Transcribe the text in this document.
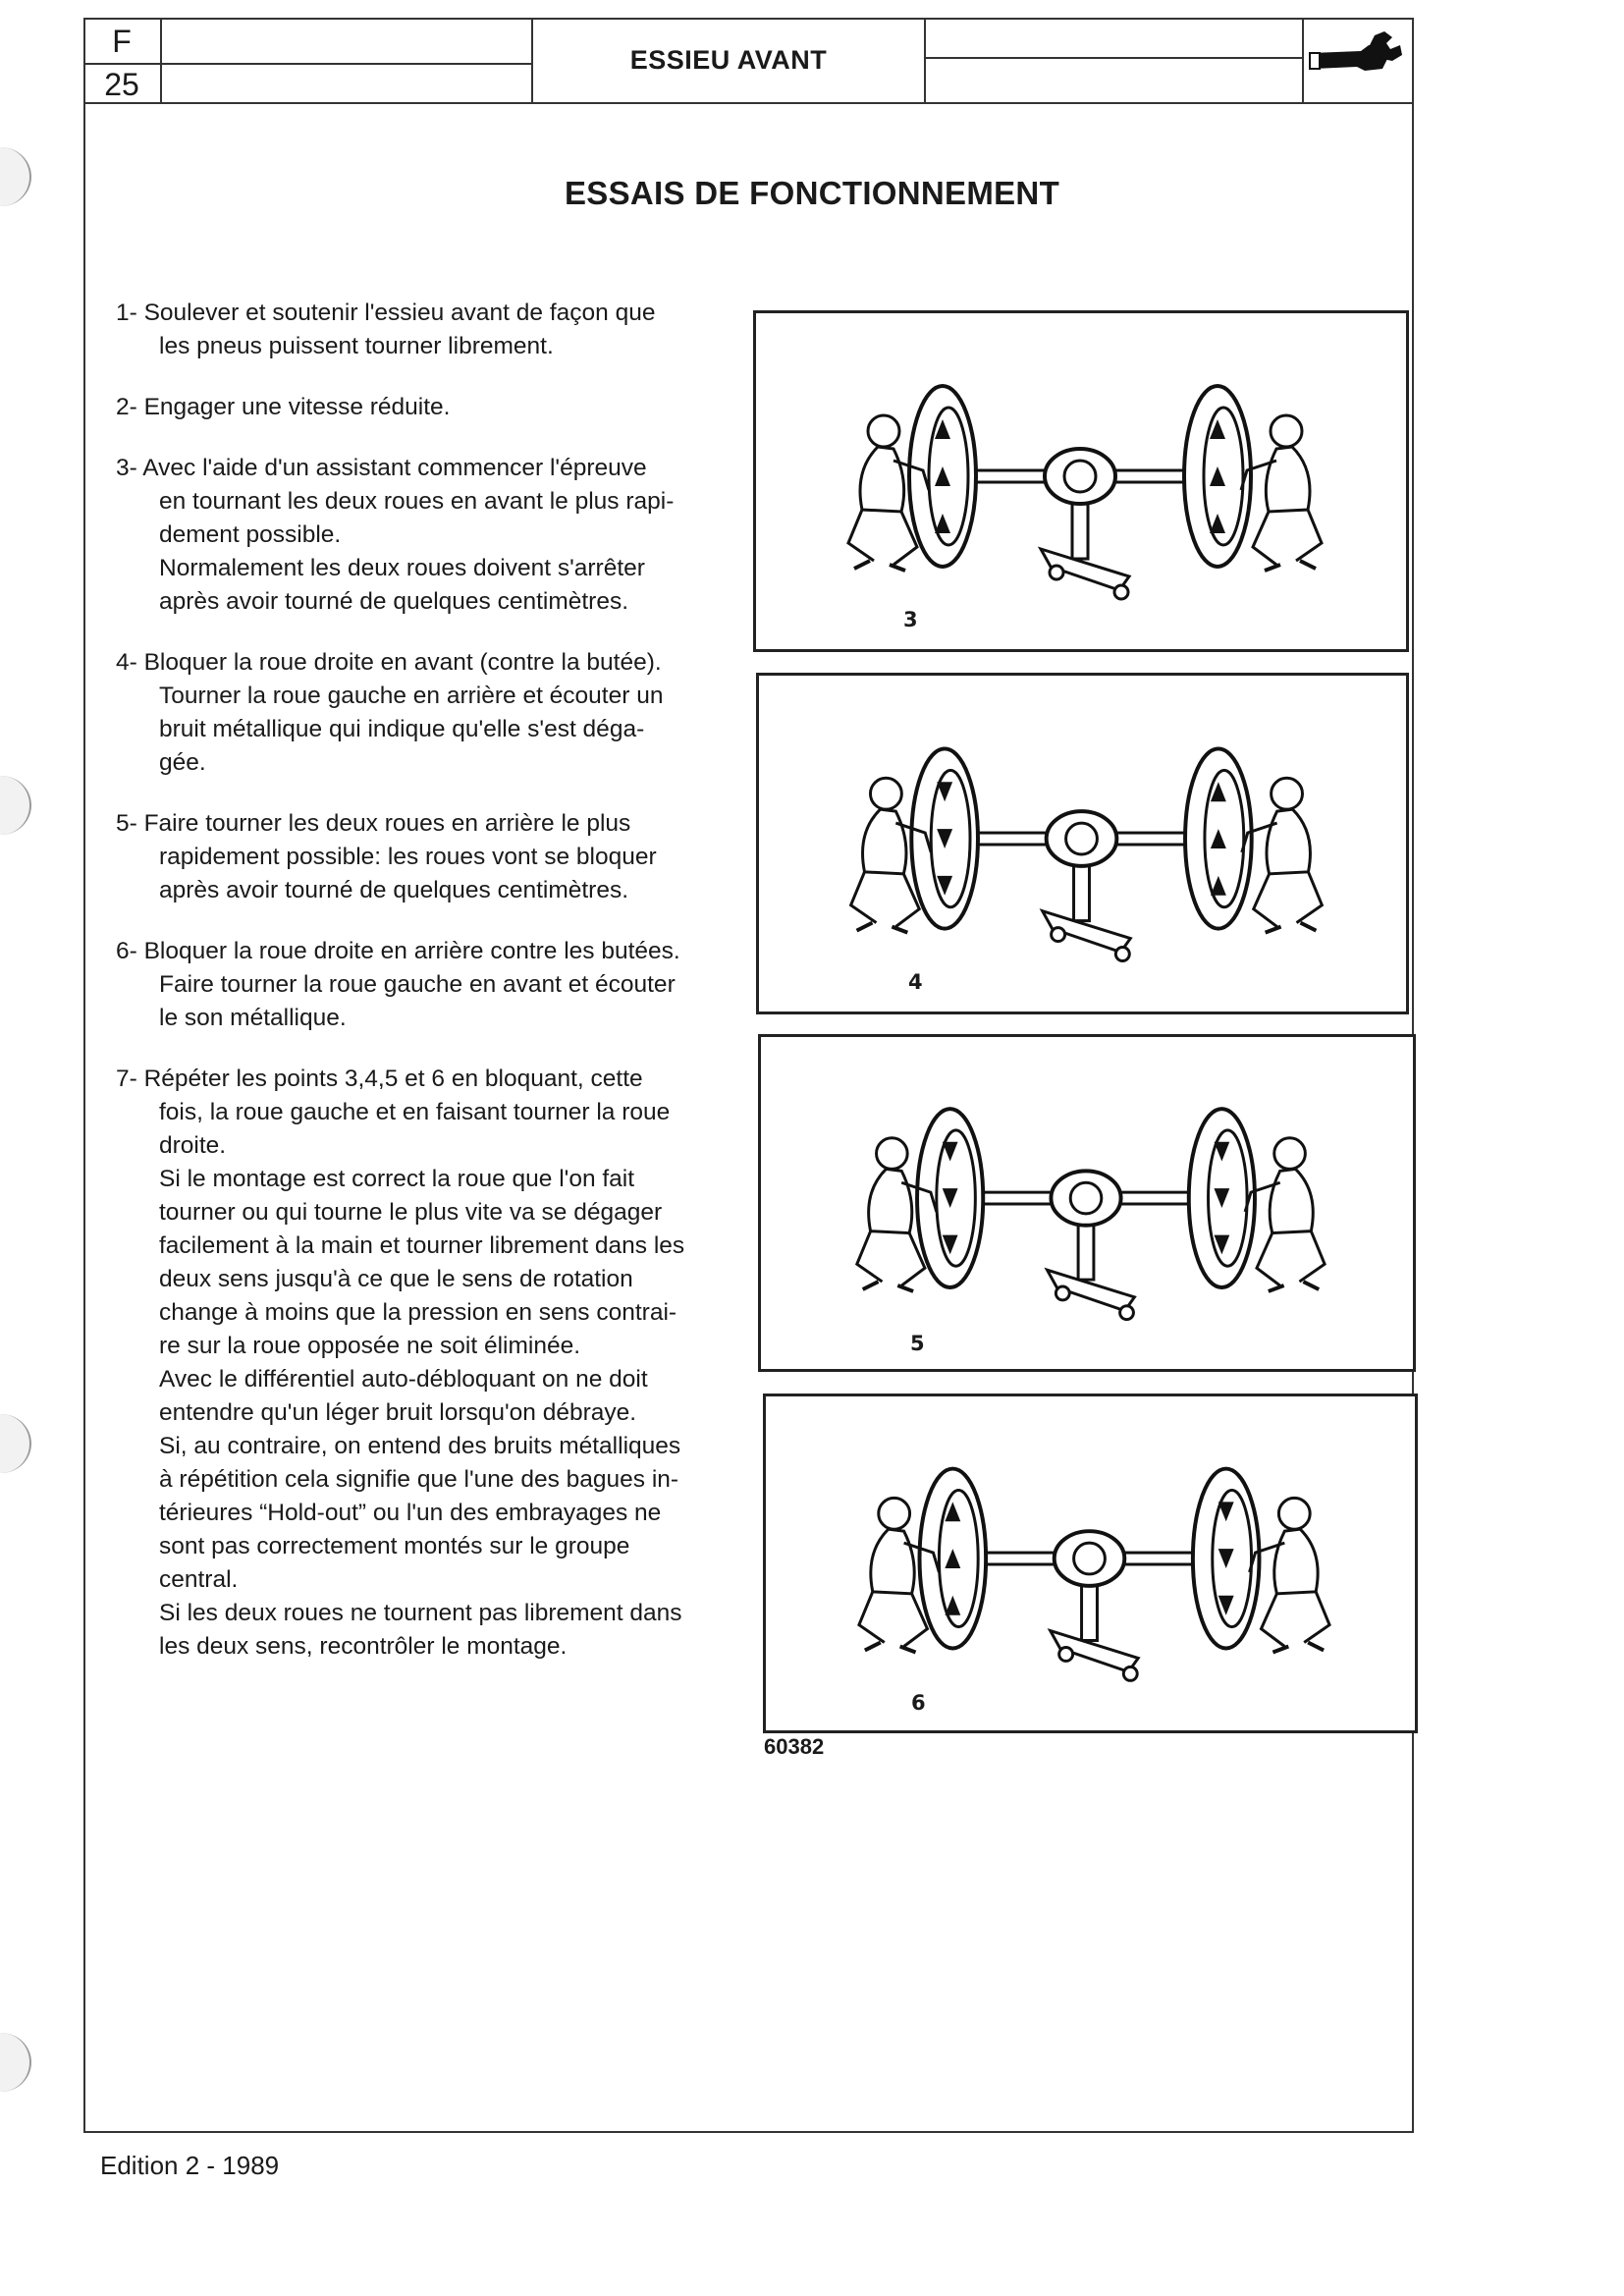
F
25
ESSIEU AVANT
ESSAIS DE FONCTIONNEMENT
1- Soulever et soutenir l'essieu avant de façon que
les pneus puissent tourner librement.
2- Engager une vitesse réduite.
3- Avec l'aide d'un assistant commencer l'épreuve
en tournant les deux roues en avant le plus rapi-
dement possible.
Normalement les deux roues doivent s'arrêter
après avoir tourné de quelques centimètres.
4- Bloquer la roue droite en avant (contre la butée).
Tourner la roue gauche en arrière et écouter un
bruit métallique qui indique qu'elle s'est déga-
gée.
5- Faire tourner les deux roues en arrière le plus
rapidement possible: les roues vont se bloquer
après avoir tourné de quelques centimètres.
6- Bloquer la roue droite en arrière contre les butées.
Faire tourner la roue gauche en avant et écouter
le son métallique.
7- Répéter les points 3,4,5 et 6 en bloquant, cette
fois, la roue gauche et en faisant tourner la roue
droite.
Si le montage est correct la roue que l'on fait
tourner ou qui tourne le plus vite va se dégager
facilement à la main et tourner librement dans les
deux sens jusqu'à ce que le sens de rotation
change à moins que la pression en sens contrai-
re sur la roue opposée ne soit éliminée.
Avec le différentiel auto-débloquant on ne doit
entendre qu'un léger bruit lorsqu'on débraye.
Si, au contraire, on entend des bruits métalliques
à répétition cela signifie que l'une des bagues in-
térieures “Hold-out” ou l'un des embrayages ne
sont pas correctement montés sur le groupe
central.
Si les deux roues ne tournent pas librement dans
les deux sens, recontrôler le montage.
3
4
5
6
60382
Edition 2 - 1989
